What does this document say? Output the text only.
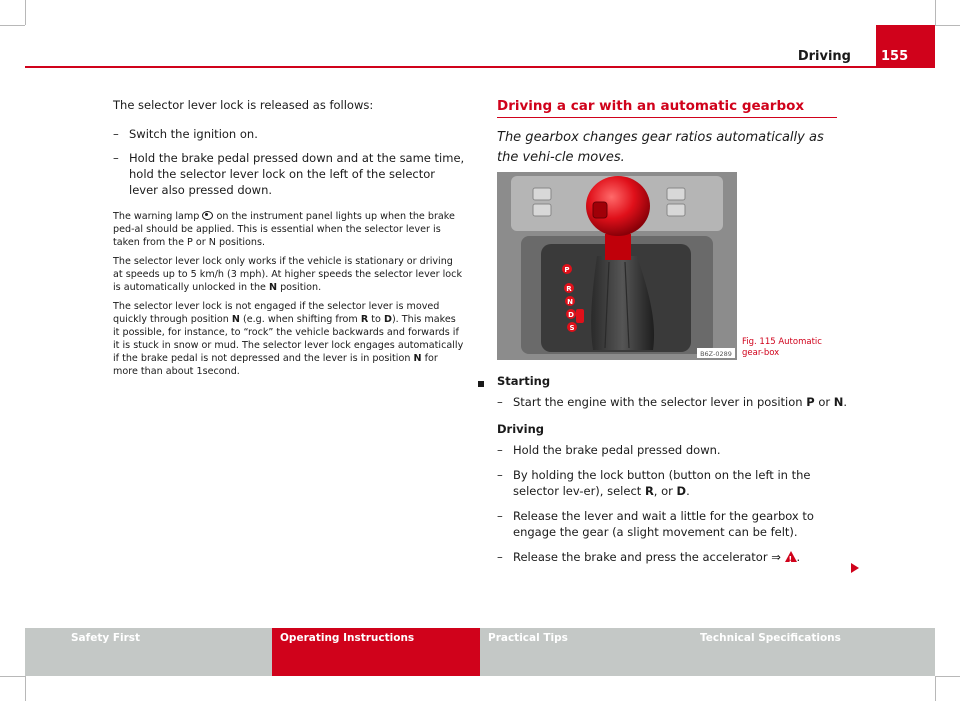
Driving	155

The selector lever lock is released as follows:

– Switch the ignition on.
– Hold the brake pedal pressed down and at the same time, hold the selector lever lock on the left of the selector lever also pressed down.

The warning lamp on the instrument panel lights up when the brake ped-al should be applied. This is essential when the selector lever is taken from the P or N positions.

The selector lever lock only works if the vehicle is stationary or driving at speeds up to 5 km/h (3 mph). At higher speeds the selector lever lock is automatically unlocked in the N position.

The selector lever lock is not engaged if the selector lever is moved quickly through position N (e.g. when shifting from R to D). This makes it possible, for instance, to “rock” the vehicle backwards and forwards if it is stuck in snow or mud. The selector lever lock engages automatically if the brake pedal is not depressed and the lever is in position N for more than about 1second.

Driving a car with an automatic gearbox

The gearbox changes gear ratios automatically as the vehi-cle moves.

P
R
N
D
S
B6Z-0289
Fig. 115 Automatic gear-box
Starting
– Start the engine with the selector lever in position P or N.
Driving
– Hold the brake pedal pressed down.
– By holding the lock button (button on the left in the selector lev-er), select R, or D.
– Release the lever and wait a little for the gearbox to engage the gear (a slight movement can be felt).
– Release the brake and press the accelerator ⇒ ! .
Safety First	Operating Instructions	Practical Tips	Technical Specifications
